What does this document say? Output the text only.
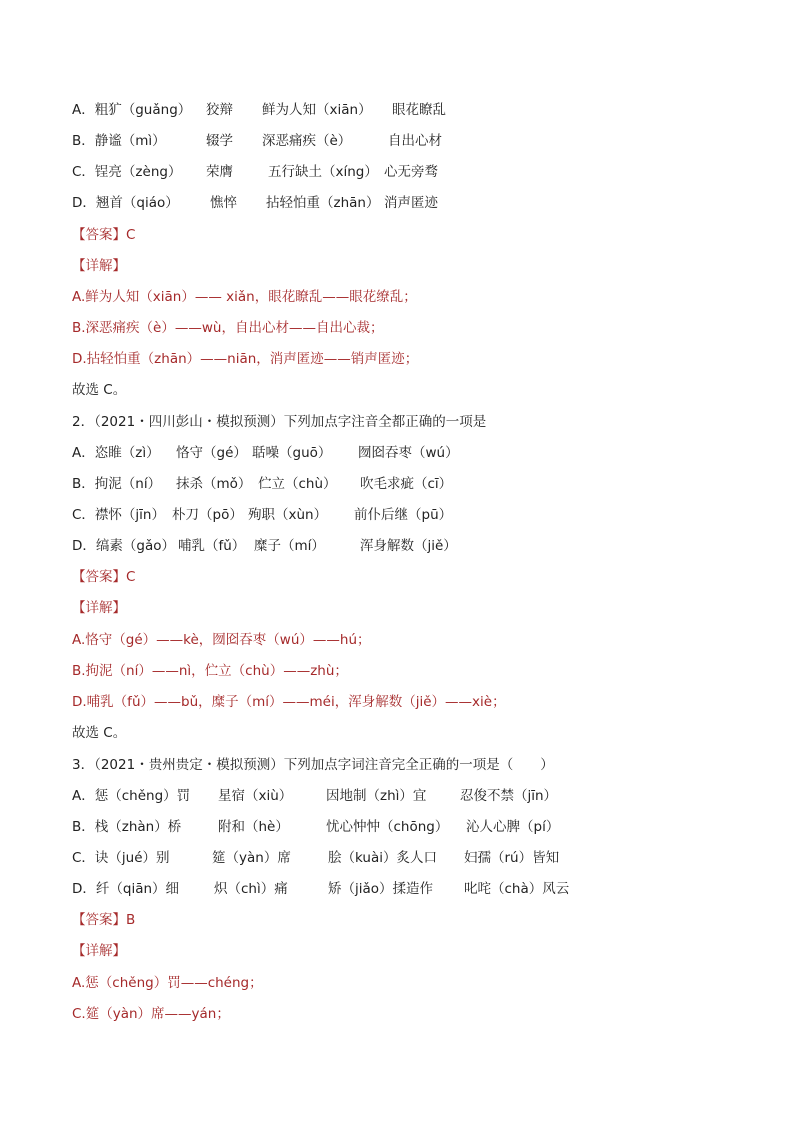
A．粗犷（guǎng） 狡辩 鲜为人知（xiān） 眼花瞭乱
B．静谧（mì）	辍学 深恶痛疾（è）	自出心材
C．锃亮（zèng） 荣膺	五行缺土（xíng） 心无旁骛
D．翘首（qiáo） 憔悴 拈轻怕重（zhān） 消声匿迹
【答案】C
【详解】
A.鲜为人知（xiān）—— xiǎn，眼花瞭乱——眼花缭乱；
B.深恶痛疾（è）——wù，自出心材——自出心裁；
D.拈轻怕重（zhān）——niān，消声匿迹——销声匿迹；
故选 C。
2．（2021・四川彭山・模拟预测）下列加点字注音全都正确的一项是
A．恣睢（zì） 恪守（gé） 聒噪（guō） 囫囵吞枣（wú）
B．拘泥（ní） 抹杀（mǒ） 伫立（chù） 吹毛求疵（cī）
C．襟怀（jīn） 朴刀（pō） 殉职（xùn） 前仆后继（pū）
D．缟素（gǎo） 哺乳（fǔ） 糜子（mí）	浑身解数（jiě）
【答案】C
【详解】
A.恪守（gé）——kè，囫囵吞枣（wú）——hú；
B.拘泥（ní）——nì，伫立（chù）——zhù；
D.哺乳（fǔ）——bǔ，糜子（mí）——méi，浑身解数（jiě）——xiè；
故选 C。
3．（2021・贵州贵定・模拟预测）下列加点字词注音完全正确的一项是（　　）
A．惩（chěng）罚 星宿（xiù） 因地制（zhì）宜 忍俊不禁（jīn）
B．栈（zhàn）桥	附和（hè）	忧心忡忡（chōng） 沁人心脾（pí）
C．诀（jué）别	筵（yàn）席	脍（kuài）炙人口 妇孺（rú）皆知
D．纤（qiān）细	炽（chì）痛	矫（jiǎo）揉造作 叱咤（chà）风云
【答案】B
【详解】
A.惩（chěng）罚——chéng；
C.筵（yàn）席——yán；
